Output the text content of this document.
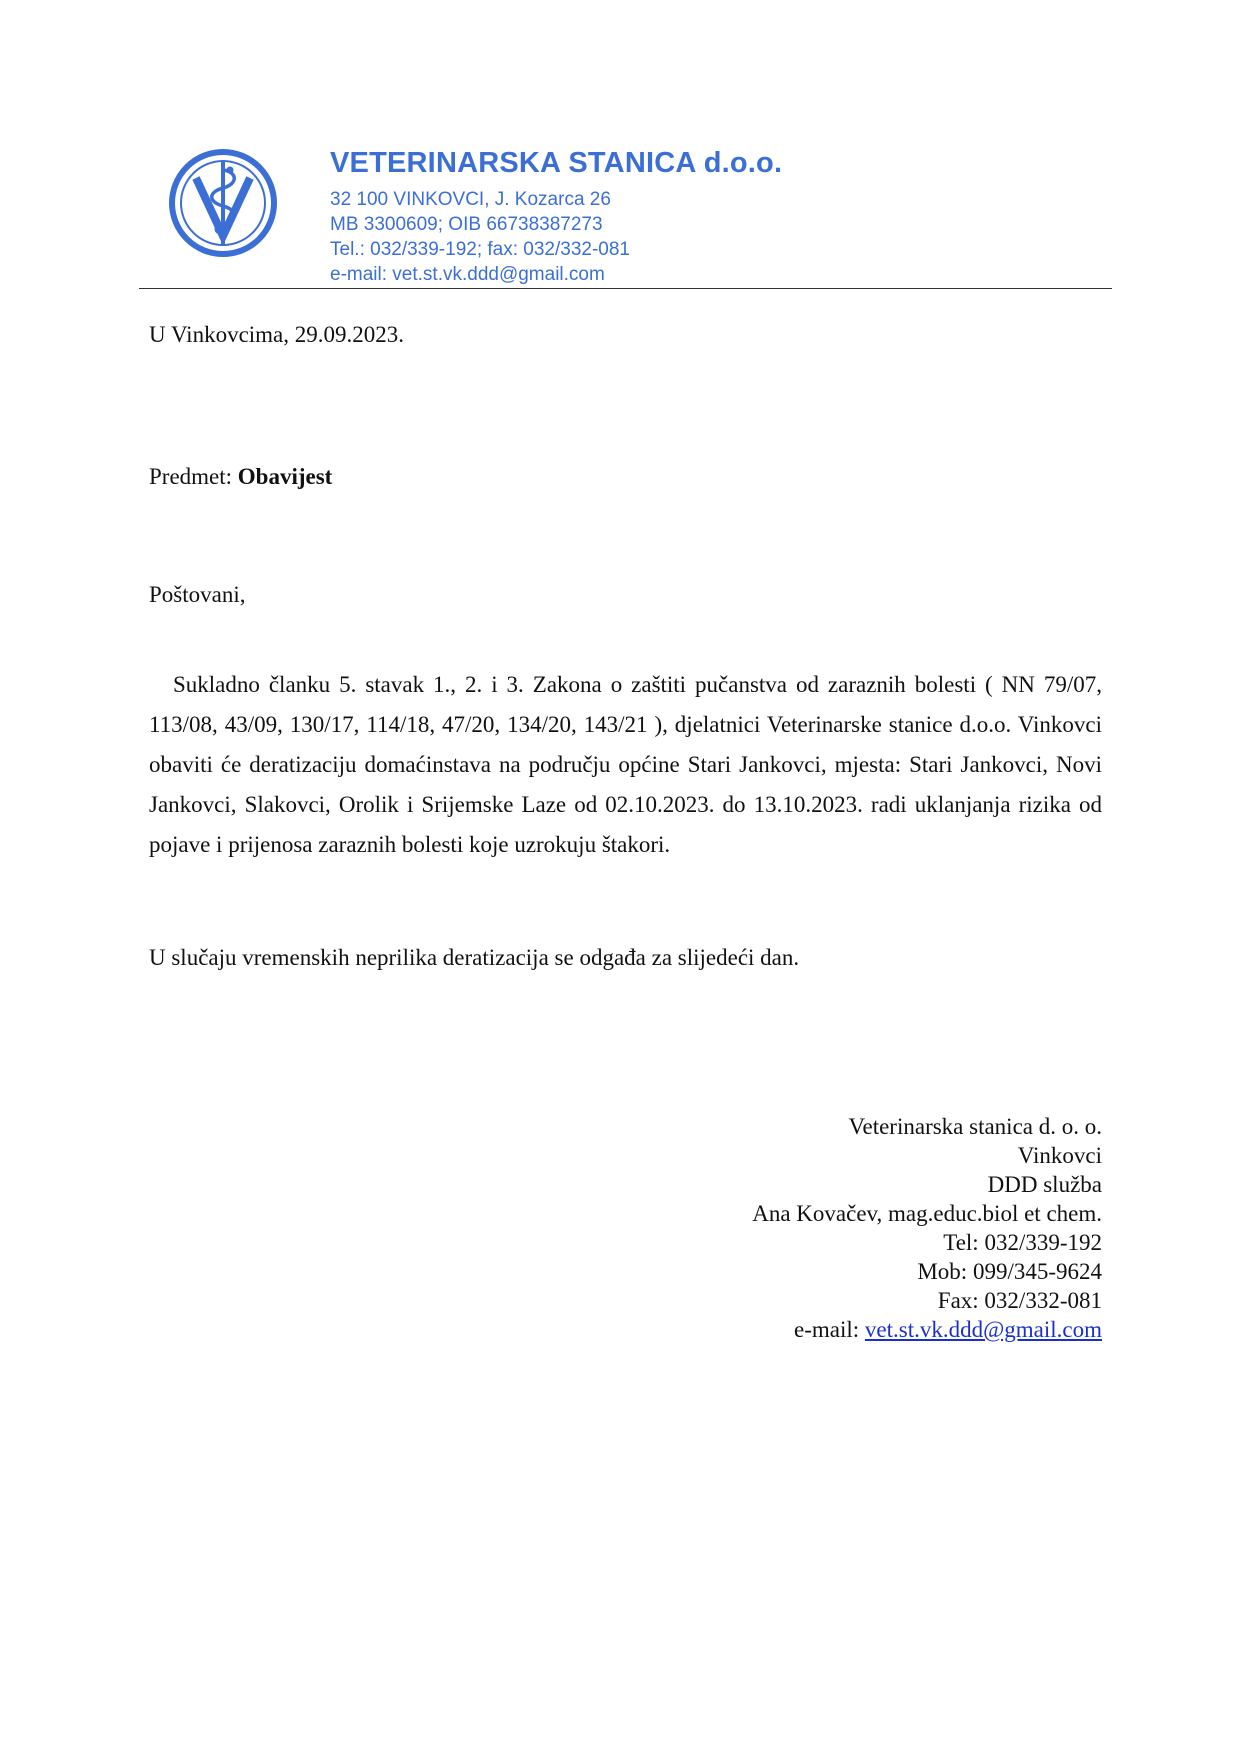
VETERINARSKA STANICA d.o.o.
32 100 VINKOVCI, J. Kozarca 26
MB 3300609; OIB 66738387273
Tel.: 032/339-192; fax: 032/332-081
e-mail: vet.st.vk.ddd@gmail.com
U Vinkovcima, 29.09.2023.
Predmet: Obavijest
Poštovani,
Sukladno članku 5. stavak 1., 2. i 3. Zakona o zaštiti pučanstva od zaraznih bolesti ( NN 79/07, 113/08, 43/09, 130/17, 114/18, 47/20, 134/20, 143/21 ), djelatnici Veterinarske stanice d.o.o. Vinkovci obaviti će deratizaciju domaćinstava na području općine Stari Jankovci, mjesta: Stari Jankovci, Novi Jankovci, Slakovci, Orolik i Srijemske Laze od 02.10.2023. do 13.10.2023. radi uklanjanja rizika od pojave i prijenosa zaraznih bolesti koje uzrokuju štakori.
U slučaju vremenskih neprilika deratizacija se odgađa za slijedeći dan.
Veterinarska stanica d. o. o.
Vinkovci
DDD služba
Ana Kovačev, mag.educ.biol et chem.
Tel: 032/339-192
Mob: 099/345-9624
Fax: 032/332-081
e-mail: vet.st.vk.ddd@gmail.com
